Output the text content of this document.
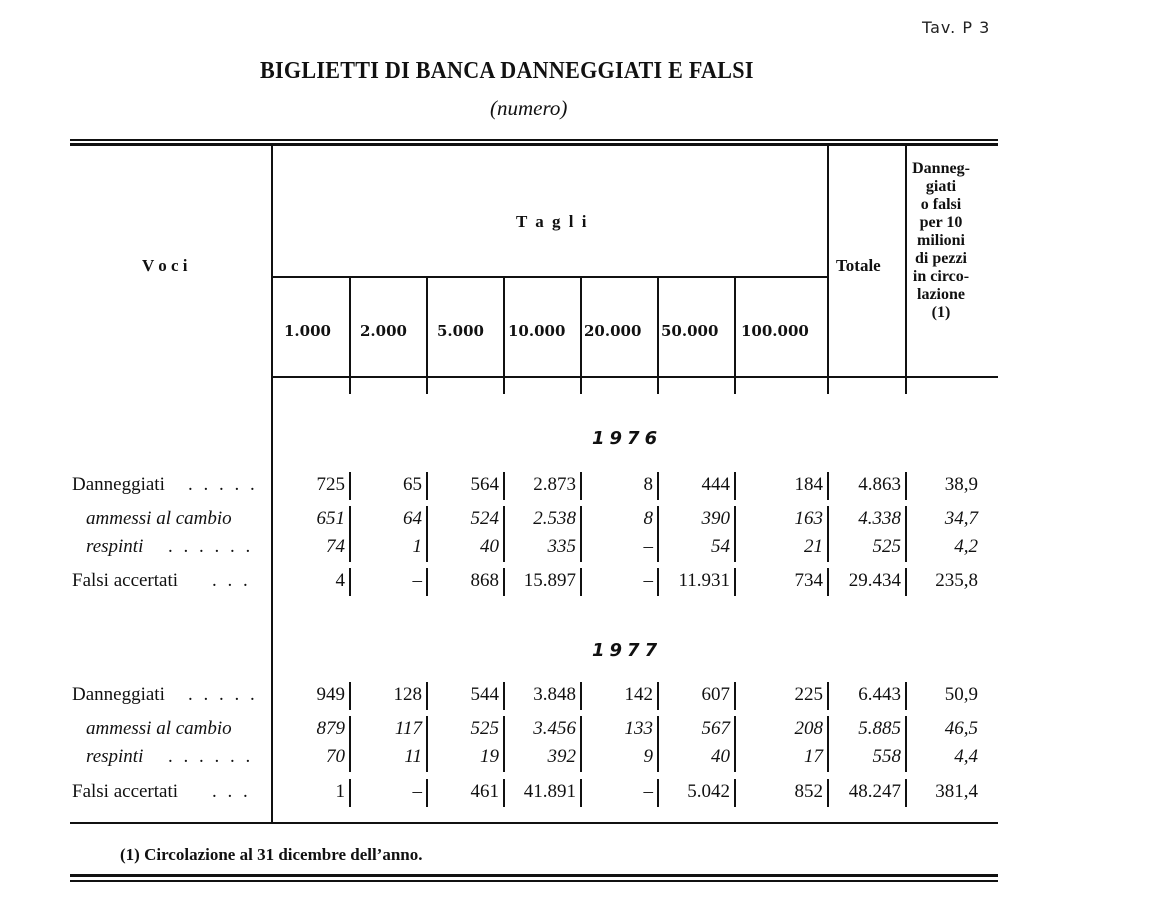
Tav. P 3
BIGLIETTI DI BANCA DANNEGGIATI E FALSI
(numero)
V o c i
T a g l i
Totale
Danneg-
giati
o falsi
per 10
milioni
di pezzi
in circo-
lazione
(1)
1.000 2.000 5.000 10.000 20.000 50.000 100.000
1976
1977
Danneggiati . . . . .	725	65	564	2.873	8	444	184	4.863	38,9
ammessi al cambio	651	64	524	2.538	8	390	163	4.338	34,7
respinti . . . . . .	74	1	40	335	–	54	21	525	4,2
Falsi accertati . . .	4	–	868	15.897	–	11.931	734	29.434	235,8
Danneggiati . . . . .	949	128	544	3.848	142	607	225	6.443	50,9
ammessi al cambio	879	117	525	3.456	133	567	208	5.885	46,5
respinti . . . . . .	70	11	19	392	9	40	17	558	4,4
Falsi accertati . . .	1	–	461	41.891	–	5.042	852	48.247	381,4
(1) Circolazione al 31 dicembre dell’anno.
